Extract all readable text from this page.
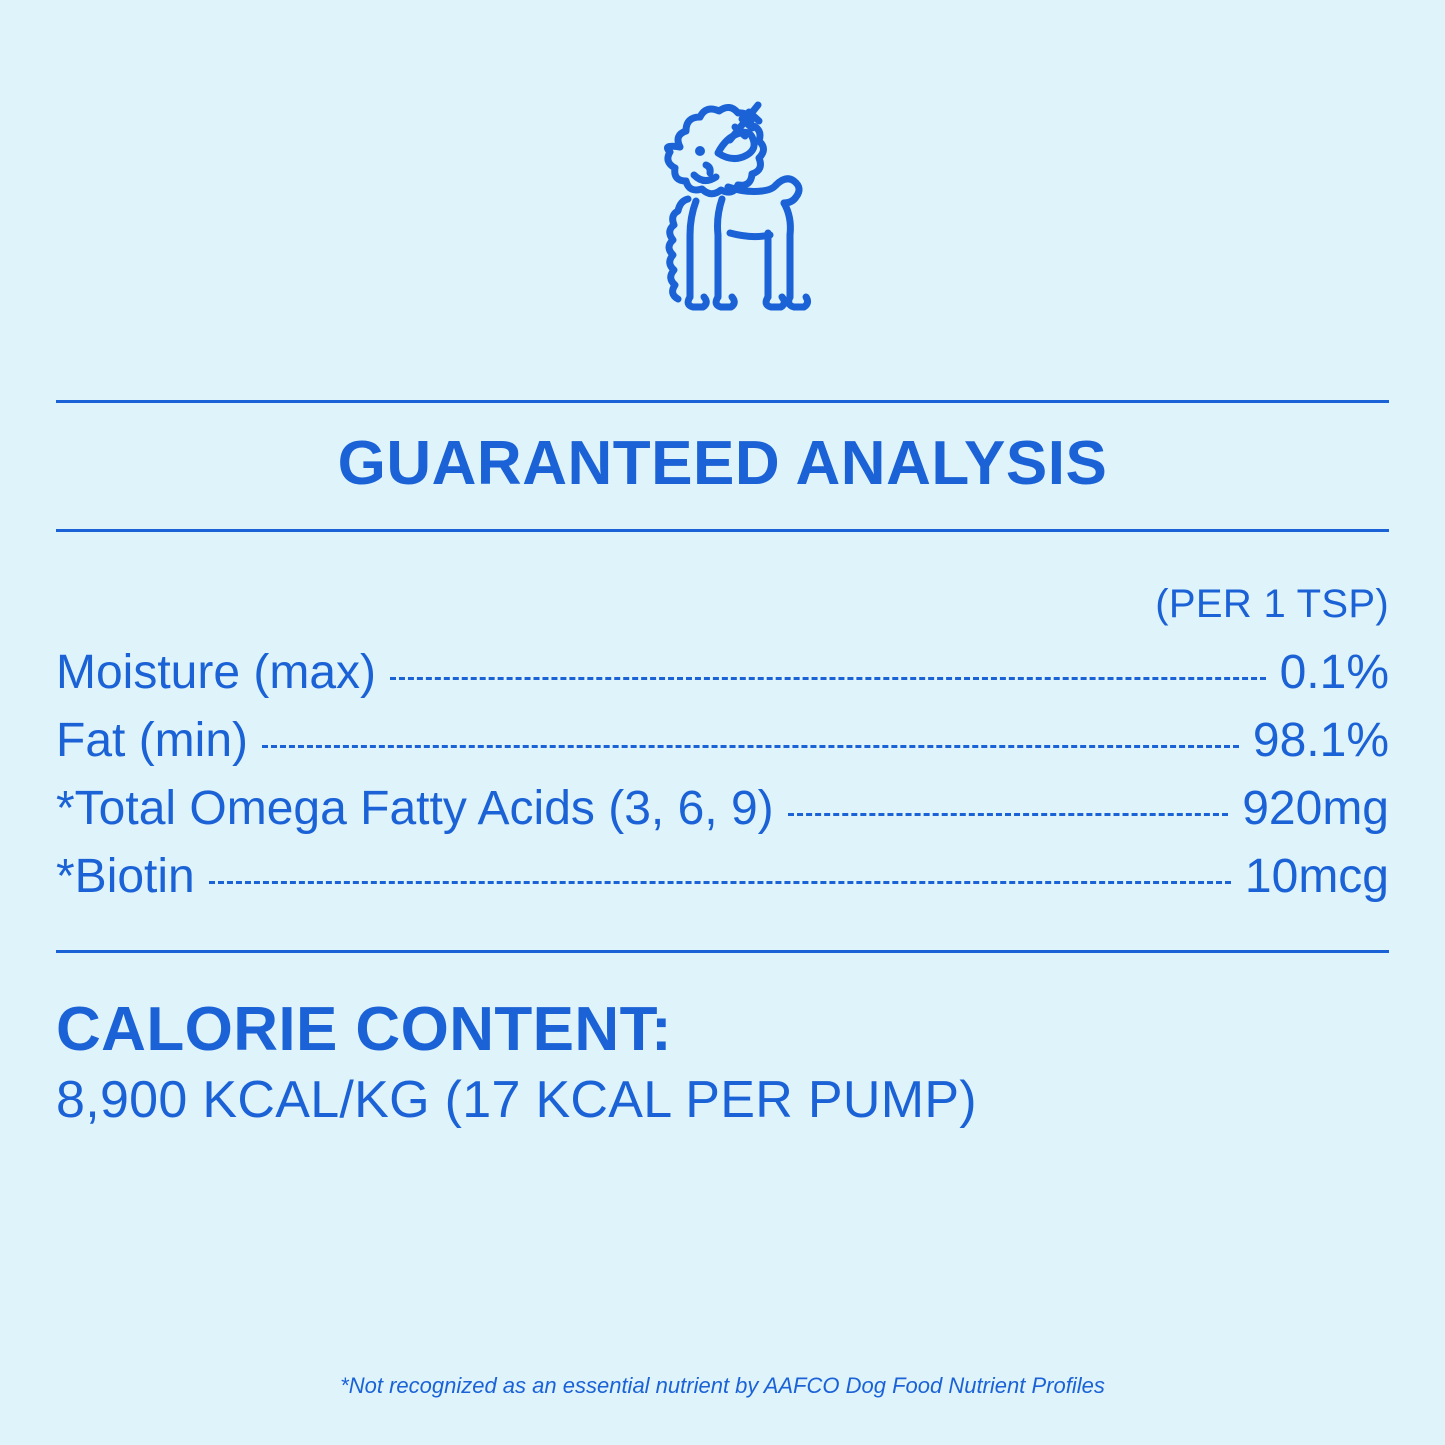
GUARANTEED ANALYSIS
(PER 1 TSP)
Moisture (max)	0.1%
Fat (min)	98.1%
*Total Omega Fatty Acids (3, 6, 9)	920mg
*Biotin	10mcg
CALORIE CONTENT:
8,900 KCAL/KG (17 KCAL PER PUMP)
*Not recognized as an essential nutrient by AAFCO Dog Food Nutrient Profiles
